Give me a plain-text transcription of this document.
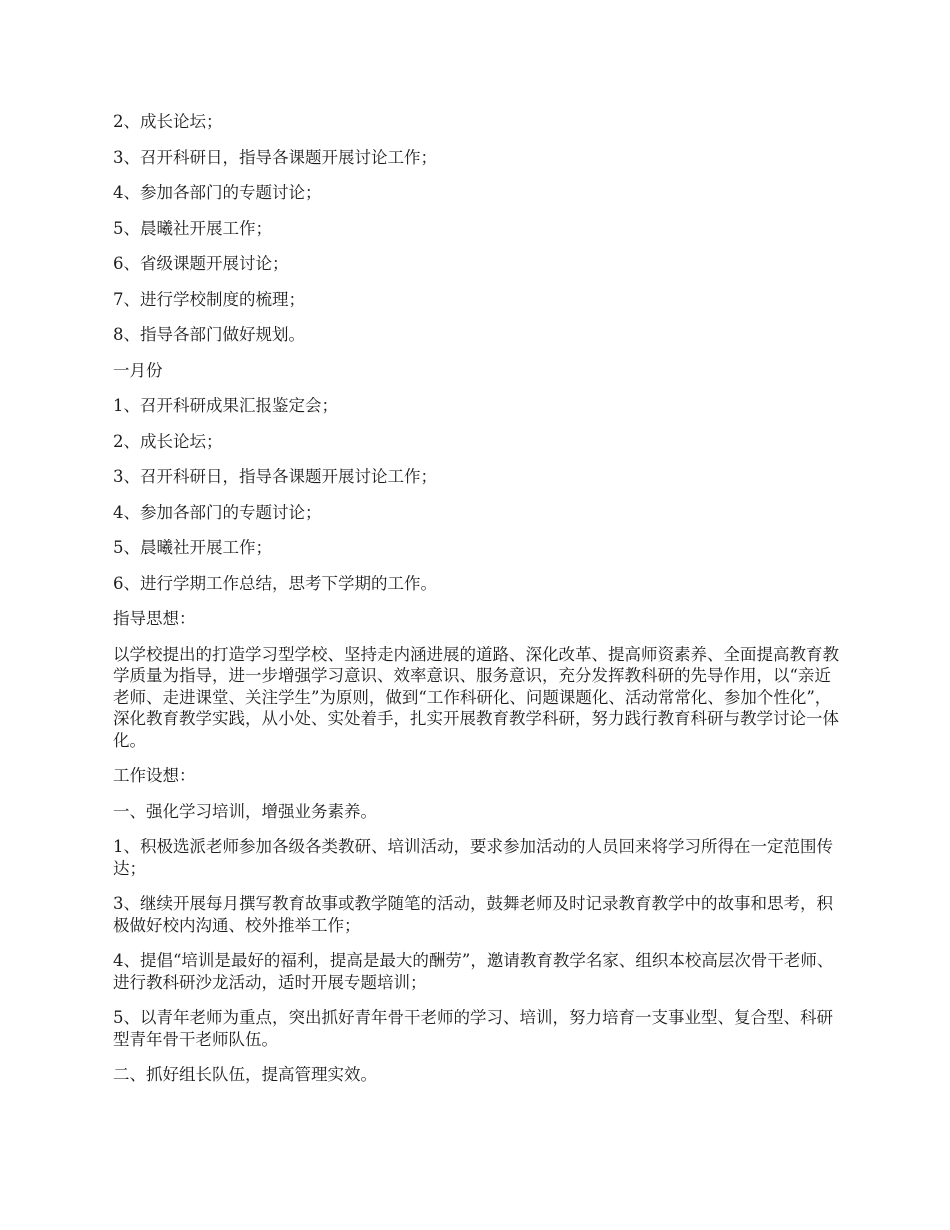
2、成长论坛；

3、召开科研日，指导各课题开展讨论工作；

4、参加各部门的专题讨论；

5、晨曦社开展工作；

6、省级课题开展讨论；

7、进行学校制度的梳理；

8、指导各部门做好规划。

一月份

1、召开科研成果汇报鉴定会；

2、成长论坛；

3、召开科研日，指导各课题开展讨论工作；

4、参加各部门的专题讨论；

5、晨曦社开展工作；

6、进行学期工作总结，思考下学期的工作。

指导思想：

以学校提出的打造学习型学校、坚持走内涵进展的道路、深化改革、提高师资素养、全面提高教育教学质量为指导，进一步增强学习意识、效率意识、服务意识，充分发挥教科研的先导作用，以“亲近老师、走进课堂、关注学生”为原则，做到“工作科研化、问题课题化、活动常常化、参加个性化”，深化教育教学实践，从小处、实处着手，扎实开展教育教学科研，努力践行教育科研与教学讨论一体化。

工作设想：

一、强化学习培训，增强业务素养。

1、积极选派老师参加各级各类教研、培训活动，要求参加活动的人员回来将学习所得在一定范围传达；

3、继续开展每月撰写教育故事或教学随笔的活动，鼓舞老师及时记录教育教学中的故事和思考，积极做好校内沟通、校外推举工作；

4、提倡“培训是最好的福利，提高是最大的酬劳”，邀请教育教学名家、组织本校高层次骨干老师、进行教科研沙龙活动，适时开展专题培训；

5、以青年老师为重点，突出抓好青年骨干老师的学习、培训，努力培育一支事业型、复合型、科研型青年骨干老师队伍。

二、抓好组长队伍，提高管理实效。
